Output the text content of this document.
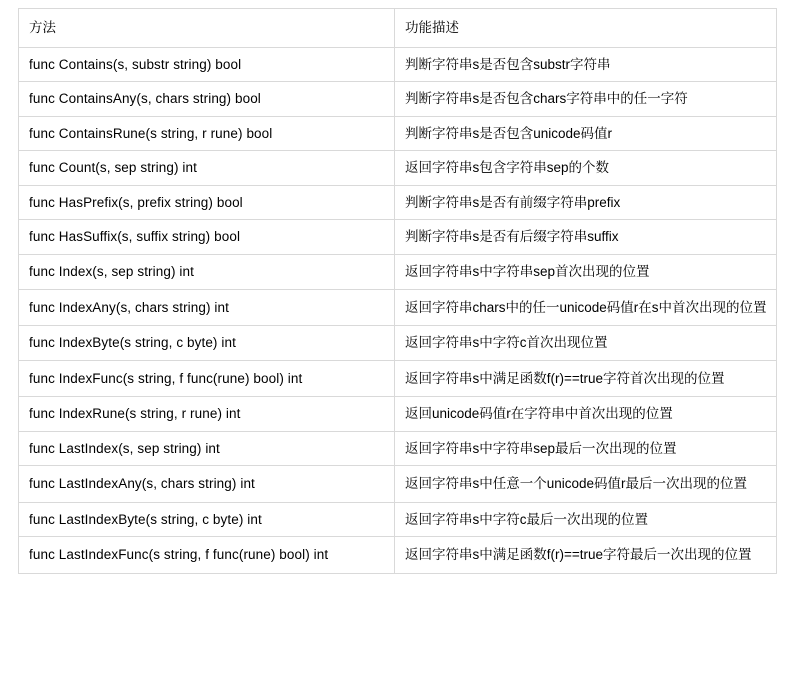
方法	功能描述
func Contains(s, substr string) bool	判断字符串s是否包含substr字符串
func ContainsAny(s, chars string) bool	判断字符串s是否包含chars字符串中的任一字符
func ContainsRune(s string, r rune) bool	判断字符串s是否包含unicode码值r
func Count(s, sep string) int	返回字符串s包含字符串sep的个数
func HasPrefix(s, prefix string) bool	判断字符串s是否有前缀字符串prefix
func HasSuffix(s, suffix string) bool	判断字符串s是否有后缀字符串suffix
func Index(s, sep string) int	返回字符串s中字符串sep首次出现的位置
func IndexAny(s, chars string) int	返回字符串chars中的任一unicode码值r在s中首次出现的位置
func IndexByte(s string, c byte) int	返回字符串s中字符c首次出现位置
func IndexFunc(s string, f func(rune) bool) int	返回字符串s中满足函数f(r)==true字符首次出现的位置
func IndexRune(s string, r rune) int	返回unicode码值r在字符串中首次出现的位置
func LastIndex(s, sep string) int	返回字符串s中字符串sep最后一次出现的位置
func LastIndexAny(s, chars string) int	返回字符串s中任意一个unicode码值r最后一次出现的位置
func LastIndexByte(s string, c byte) int	返回字符串s中字符c最后一次出现的位置
func LastIndexFunc(s string, f func(rune) bool) int	返回字符串s中满足函数f(r)==true字符最后一次出现的位置
